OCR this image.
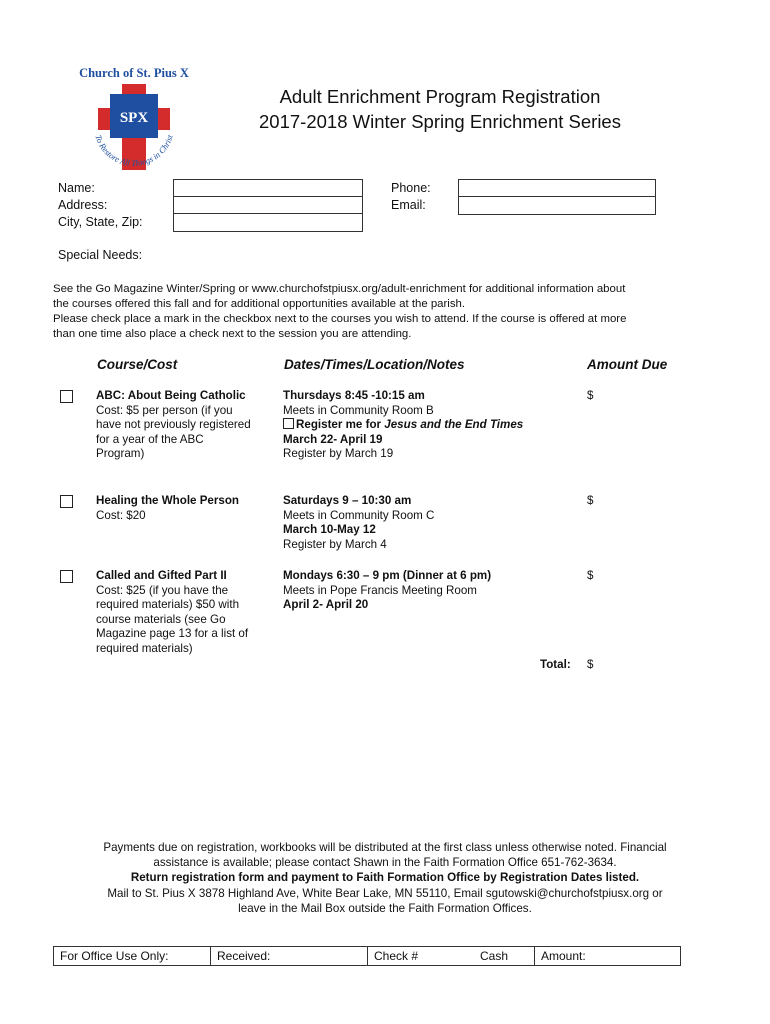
Church of St. Pius X
SPX
To Restore All Things in Christ
Adult Enrichment Program Registration
2017-2018 Winter Spring Enrichment Series
Name:
Address:
City, State, Zip:
Phone:
Email:
Special Needs:
See the Go Magazine Winter/Spring or www.churchofstpiusx.org/adult-enrichment for additional information about
the courses offered this fall and for additional opportunities available at the parish.
Please check place a mark in the checkbox next to the courses you wish to attend. If the course is offered at more
than one time also place a check next to the session you are attending.
Course/Cost	Dates/Times/Location/Notes	Amount Due
ABC: About Being Catholic
Cost: $5 per person (if you
have not previously registered
for a year of the ABC
Program)
Thursdays 8:45 -10:15 am
Meets in Community Room B
Register me for Jesus and the End Times
March 22- April 19
Register by March 19
$
Healing the Whole Person
Cost: $20
Saturdays 9 – 10:30 am
Meets in Community Room C
March 10-May 12
Register by March 4
$
Called and Gifted Part II
Cost: $25 (if you have the
required materials) $50 with
course materials (see Go
Magazine page 13 for a list of
required materials)
Mondays 6:30 – 9 pm (Dinner at 6 pm)
Meets in Pope Francis Meeting Room
April 2- April 20
$
Total: $
Payments due on registration, workbooks will be distributed at the first class unless otherwise noted. Financial
assistance is available; please contact Shawn in the Faith Formation Office 651-762-3634.
Return registration form and payment to Faith Formation Office by Registration Dates listed.
Mail to St. Pius X 3878 Highland Ave, White Bear Lake, MN 55110, Email sgutowski@churchofstpiusx.org or
leave in the Mail Box outside the Faith Formation Offices.
For Office Use Only:	Received:	Check #	Cash	Amount:
